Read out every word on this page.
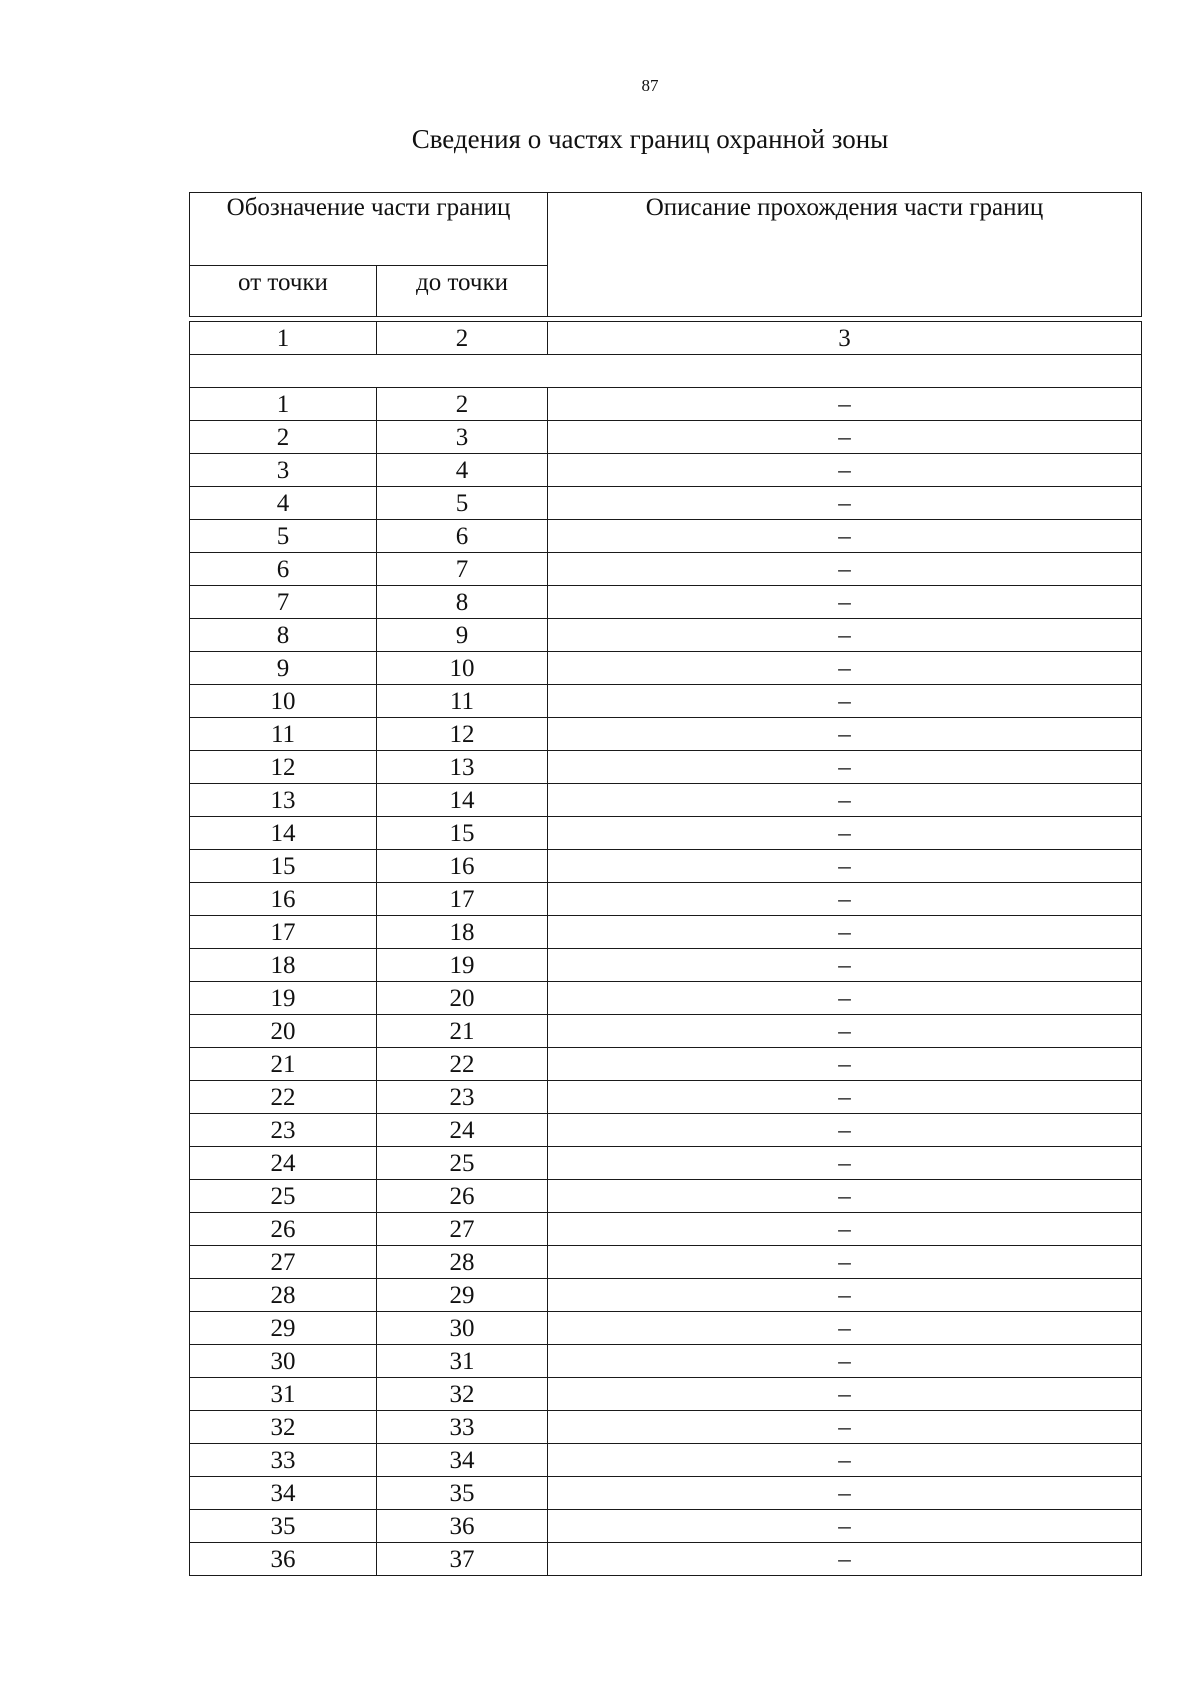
87
Сведения о частях границ охранной зоны
Обозначение части границ		Описание прохождения части границ
от точки	до точки	

1	2	3

1	2	–
2	3	–
3	4	–
4	5	–
5	6	–
6	7	–
7	8	–
8	9	–
9	10	–
10	11	–
11	12	–
12	13	–
13	14	–
14	15	–
15	16	–
16	17	–
17	18	–
18	19	–
19	20	–
20	21	–
21	22	–
22	23	–
23	24	–
24	25	–
25	26	–
26	27	–
27	28	–
28	29	–
29	30	–
30	31	–
31	32	–
32	33	–
33	34	–
34	35	–
35	36	–
36	37	–
